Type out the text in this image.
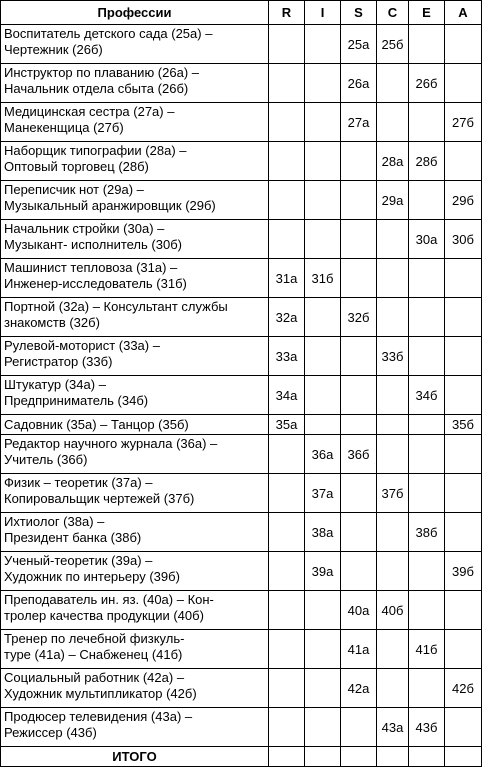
Профессии	R	I	S	C	E	A
Воспитатель детского сада (25а) –
Чертежник (26б)			25а	25б		
Инструктор по плаванию (26а) –
Начальник отдела сбыта (26б)			26а		26б	
Медицинская сестра (27а) –
Манекенщица (27б)			27а			27б
Наборщик типографии (28а) –
Оптовый торговец (28б)				28а	28б	
Переписчик нот (29а) –
Музыкальный аранжировщик (29б)				29а		29б
Начальник стройки (30а) –
Музыкант- исполнитель (30б)					30а	30б
Машинист тепловоза (31а) –
Инженер-исследователь (31б)	31а	31б				
Портной (32а) – Консультант службы
знакомств (32б)	32а		32б			
Рулевой-моторист (33а) –
Регистратор (33б)	33а			33б		
Штукатур (34а) –
Предприниматель (34б)	34а				34б	
Садовник (35а) – Танцор (35б)	35а					35б
Редактор научного журнала (36а) –
Учитель (36б)		36а	36б			
Физик – теоретик (37а) –
Копировальщик чертежей (37б)		37а		37б		
Ихтиолог (38а) –
Президент банка (38б)		38а			38б	
Ученый-теоретик (39а) –
Художник по интерьеру (39б)		39а				39б
Преподаватель ин. яз. (40а) – Кон-
тролер качества продукции (40б)			40а	40б		
Тренер по лечебной физкуль-
туре (41а) – Снабженец (41б)			41а		41б	
Социальный работник (42а) –
Художник мультипликатор (42б)			42а			42б
Продюсер телевидения (43а) –
Режиссер (43б)				43а	43б	
ИТОГО						
